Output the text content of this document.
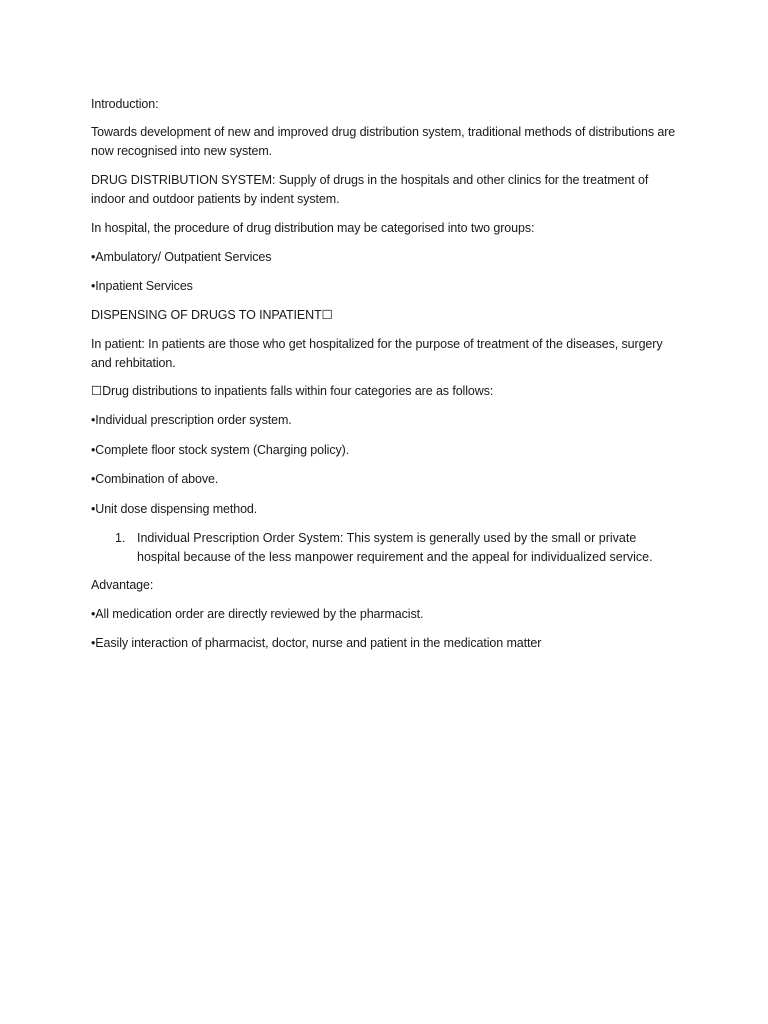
Introduction:

Towards development of new and improved drug distribution system, traditional methods of distributions are now recognised into new system.

DRUG DISTRIBUTION SYSTEM: Supply of drugs in the hospitals and other clinics for the treatment of indoor and outdoor patients by indent system.

In hospital, the procedure of drug distribution may be categorised into two groups:

•Ambulatory/ Outpatient Services

•Inpatient Services

DISPENSING OF DRUGS TO INPATIENT☐

In patient: In patients are those who get hospitalized for the purpose of treatment of the diseases, surgery and rehbitation.

☐Drug distributions to inpatients falls within four categories are as follows:

•Individual prescription order system.

•Complete floor stock system (Charging policy).

•Combination of above.

•Unit dose dispensing method.

1. Individual Prescription Order System: This system is generally used by the small or private hospital because of the less manpower requirement and the appeal for individualized service.

Advantage:

•All medication order are directly reviewed by the pharmacist.

•Easily interaction of pharmacist, doctor, nurse and patient in the medication matter
